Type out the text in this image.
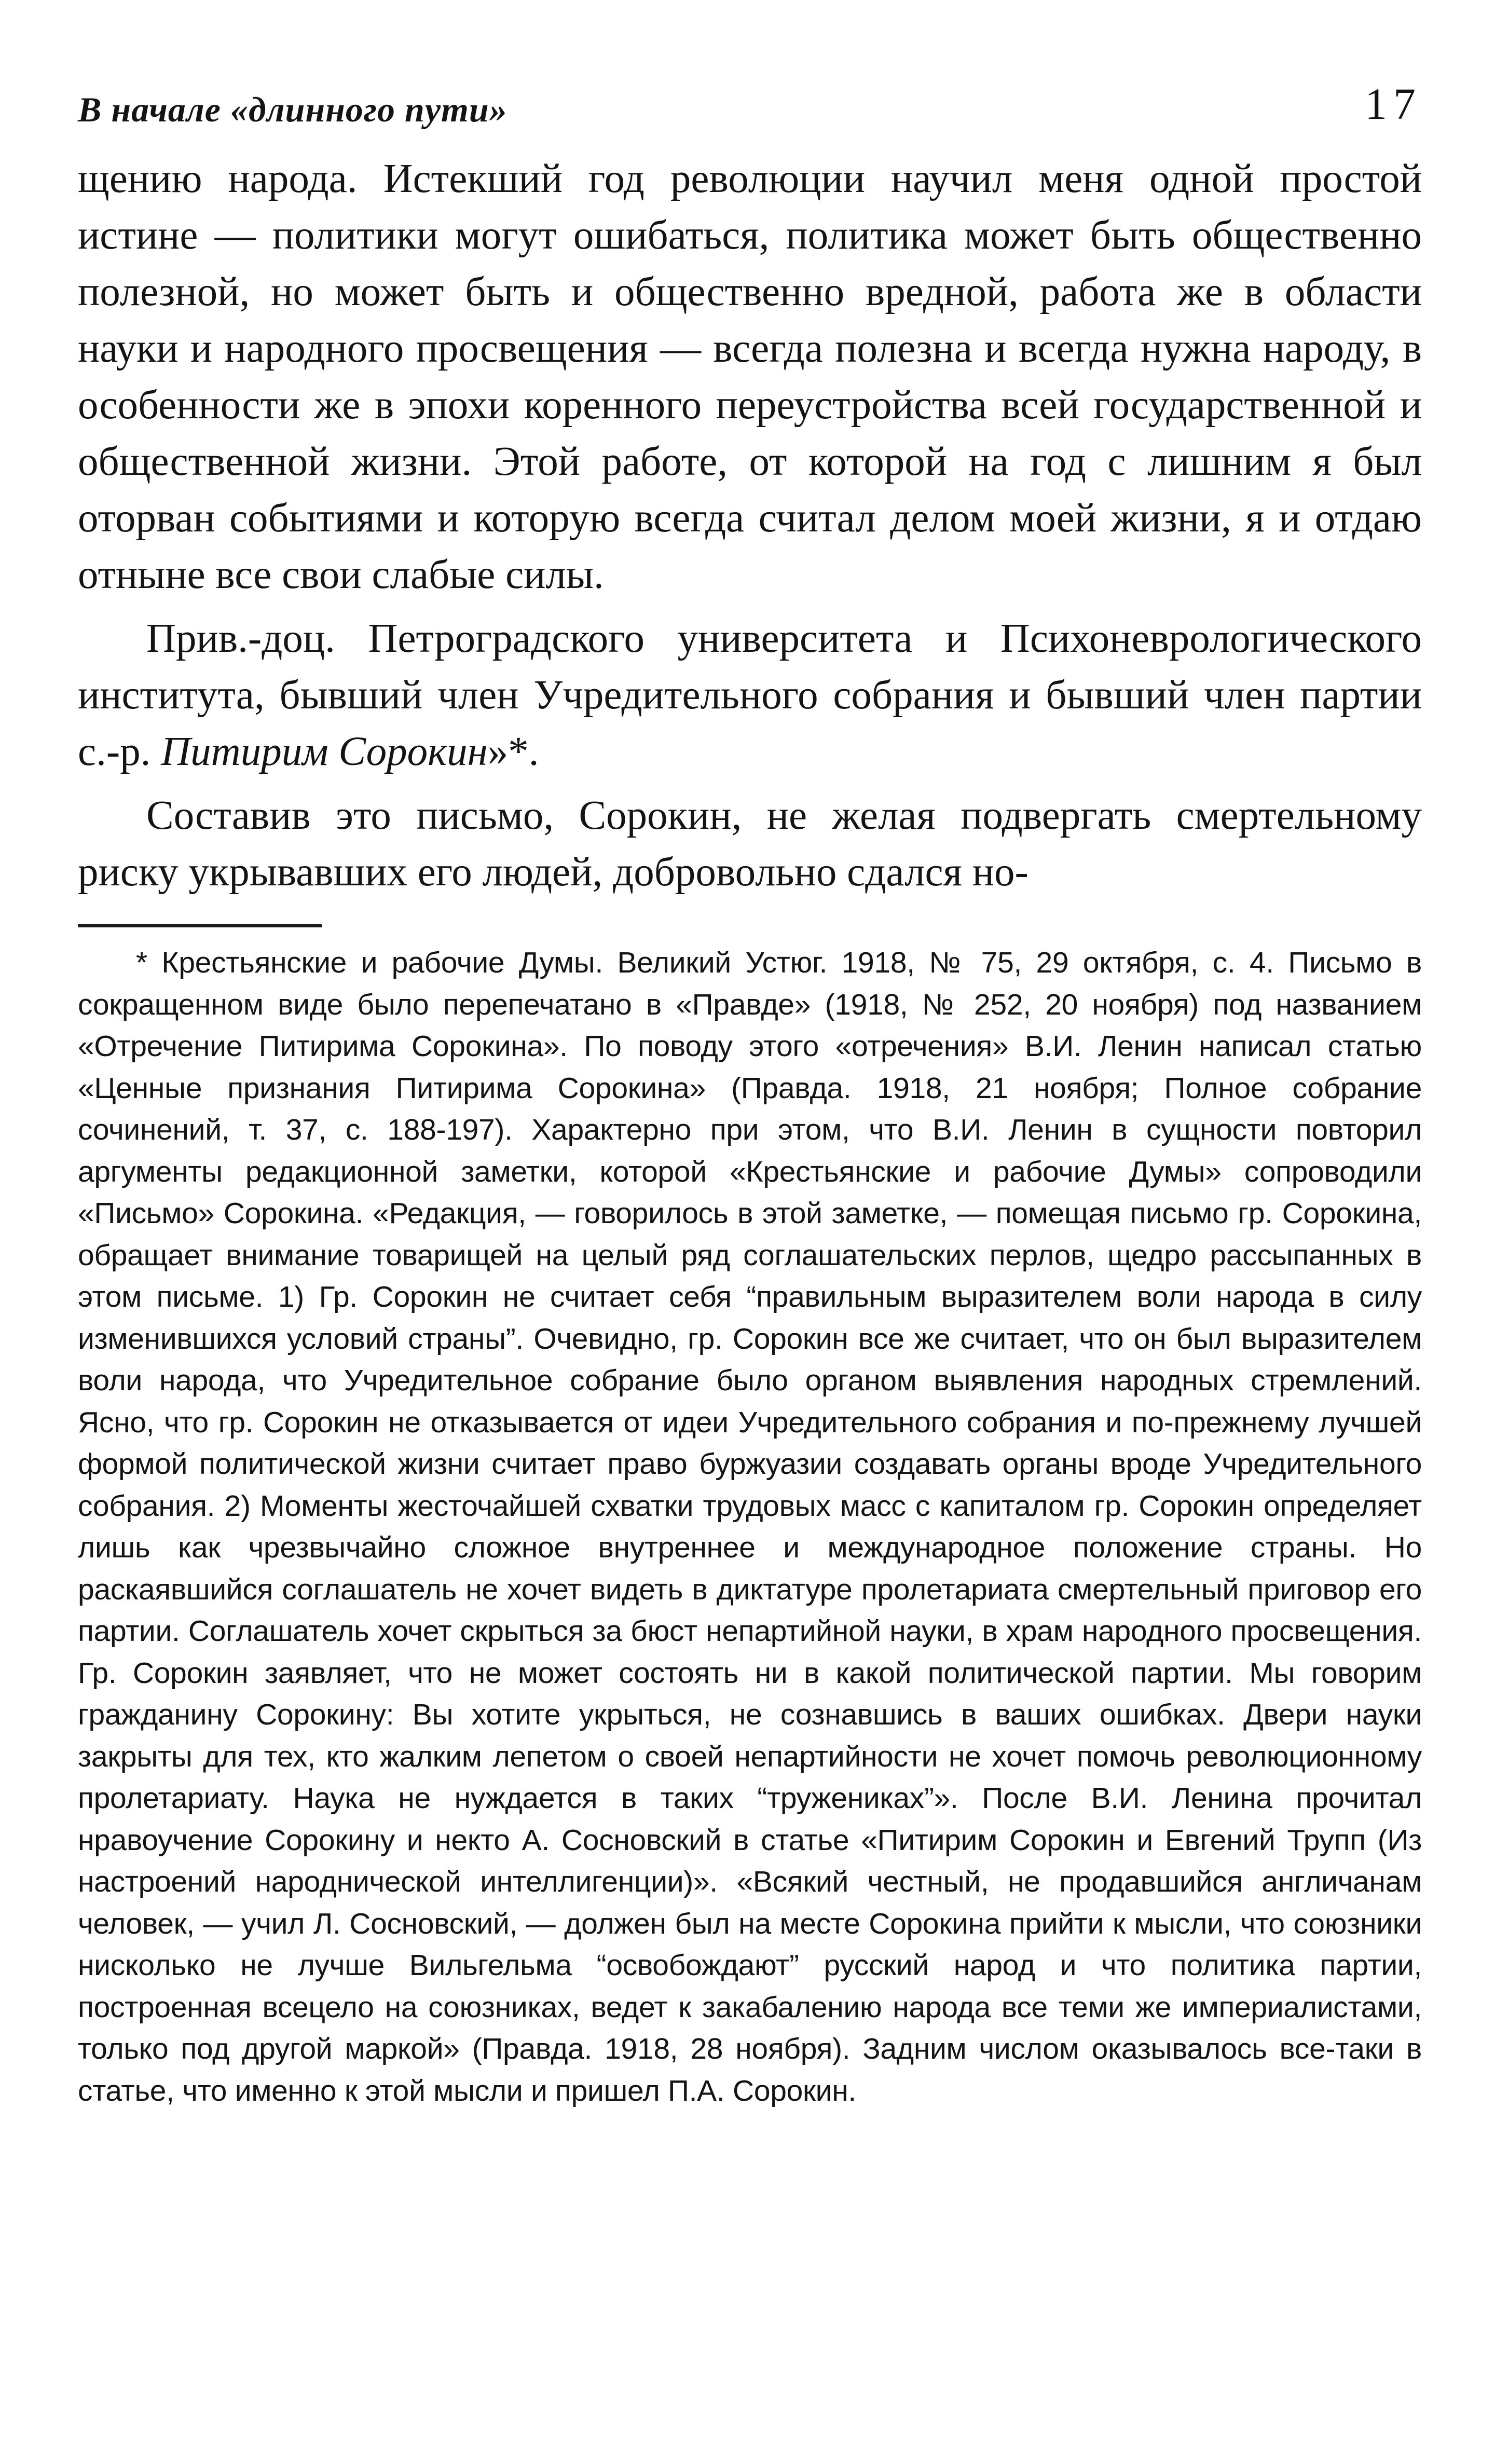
В начале «длинного пути»	17

щению народа. Истекший год революции научил меня одной простой истине — политики могут ошибаться, политика может быть общественно полезной, но может быть и общественно вредной, работа же в области науки и народного просвещения — всегда полезна и всегда нужна народу, в особенности же в эпохи коренного переустройства всей государственной и общественной жизни. Этой работе, от которой на год с лишним я был оторван событиями и которую всегда считал делом моей жизни, я и отдаю отныне все свои слабые силы.

Прив.-доц. Петроградского университета и Психоневрологического института, бывший член Учредительного собрания и бывший член партии с.-р. Питирим Сорокин»*.

Составив это письмо, Сорокин, не желая подвергать смертельному риску укрывавших его людей, добровольно сдался но-

* Крестьянские и рабочие Думы. Великий Устюг. 1918, № 75, 29 октября, с. 4. Письмо в сокращенном виде было перепечатано в «Правде» (1918, № 252, 20 ноября) под названием «Отречение Питирима Сорокина». По поводу этого «отречения» В.И. Ленин написал статью «Ценные признания Питирима Сорокина» (Правда. 1918, 21 ноября; Полное собрание сочинений, т. 37, с. 188-197). Характерно при этом, что В.И. Ленин в сущности повторил аргументы редакционной заметки, которой «Крестьянские и рабочие Думы» сопроводили «Письмо» Сорокина. «Редакция, — говорилось в этой заметке, — помещая письмо гр. Сорокина, обращает внимание товарищей на целый ряд соглашательских перлов, щедро рассыпанных в этом письме. 1) Гр. Сорокин не считает себя “правильным выразителем воли народа в силу изменившихся условий страны”. Очевидно, гр. Сорокин все же считает, что он был выразителем воли народа, что Учредительное собрание было органом выявления народных стремлений. Ясно, что гр. Сорокин не отказывается от идеи Учредительного собрания и по-прежнему лучшей формой политической жизни считает право буржуазии создавать органы вроде Учредительного собрания. 2) Моменты жесточайшей схватки трудовых масс с капиталом гр. Сорокин определяет лишь как чрезвычайно сложное внутреннее и международное положение страны. Но раскаявшийся соглашатель не хочет видеть в диктатуре пролетариата смертельный приговор его партии. Соглашатель хочет скрыться за бюст непартийной науки, в храм народного просвещения. Гр. Сорокин заявляет, что не может состоять ни в какой политической партии. Мы говорим гражданину Сорокину: Вы хотите укрыться, не сознавшись в ваших ошибках. Двери науки закрыты для тех, кто жалким лепетом о своей непартийности не хочет помочь революционному пролетариату. Наука не нуждается в таких “тружениках”». После В.И. Ленина прочитал нравоучение Сорокину и некто А. Сосновский в статье «Питирим Сорокин и Евгений Трупп (Из настроений народнической интеллигенции)». «Всякий честный, не продавшийся англичанам человек, — учил Л. Сосновский, — должен был на месте Сорокина прийти к мысли, что союзники нисколько не лучше Вильгельма “освобождают” русский народ и что политика партии, построенная всецело на союзниках, ведет к закабалению народа все теми же империалистами, только под другой маркой» (Правда. 1918, 28 ноября). Задним числом оказывалось все-таки в статье, что именно к этой мысли и пришел П.А. Сорокин.
